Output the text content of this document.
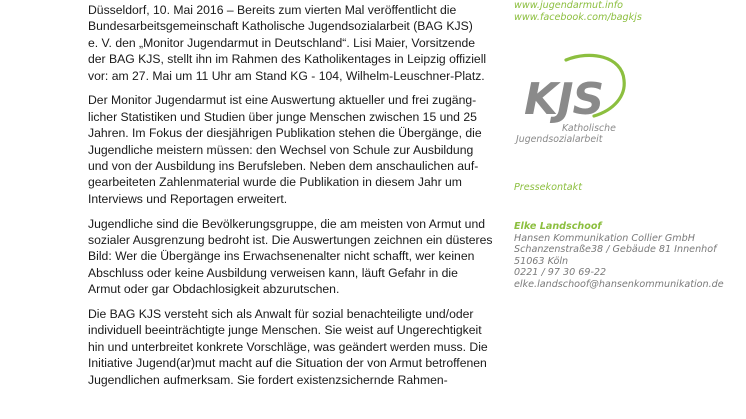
Düsseldorf, 10. Mai 2016 – Bereits zum vierten Mal veröffentlicht die
Bundesarbeitsgemeinschaft Katholische Jugendsozialarbeit (BAG KJS)
e. V. den „Monitor Jugendarmut in Deutschland“. Lisi Maier, Vorsitzende
der BAG KJS, stellt ihn im Rahmen des Katholikentages in Leipzig offiziell
vor: am 27. Mai um 11 Uhr am Stand KG - 104, Wilhelm-Leuschner-Platz.

Der Monitor Jugendarmut ist eine Auswertung aktueller und frei zugäng-
licher Statistiken und Studien über junge Menschen zwischen 15 und 25
Jahren. Im Fokus der diesjährigen Publikation stehen die Übergänge, die
Jugendliche meistern müssen: den Wechsel von Schule zur Ausbildung
und von der Ausbildung ins Berufsleben. Neben dem anschaulichen auf-
gearbeiteten Zahlenmaterial wurde die Publikation in diesem Jahr um
Interviews und Reportagen erweitert.

Jugendliche sind die Bevölkerungsgruppe, die am meisten von Armut und
sozialer Ausgrenzung bedroht ist. Die Auswertungen zeichnen ein düsteres
Bild: Wer die Übergänge ins Erwachsenenalter nicht schafft, wer keinen
Abschluss oder keine Ausbildung verweisen kann, läuft Gefahr in die
Armut oder gar Obdachlosigkeit abzurutschen.

Die BAG KJS versteht sich als Anwalt für sozial benachteiligte und/oder
individuell beeinträchtigte junge Menschen. Sie weist auf Ungerechtigkeit
hin und unterbreitet konkrete Vorschläge, was geändert werden muss. Die
Initiative Jugend(ar)mut macht auf die Situation der von Armut betroffenen
Jugendlichen aufmerksam. Sie fordert existenzsichernde Rahmen-

www.jugendarmut.info
www.facebook.com/bagkjs
KJS
Katholische
Jugendsozialarbeit
Pressekontakt
Elke Landschoof
Hansen Kommunikation Collier GmbH
Schanzenstraße38 / Gebäude 81 Innenhof
51063 Köln
0221 / 97 30 69-22
elke.landschoof@hansenkommunikation.de
